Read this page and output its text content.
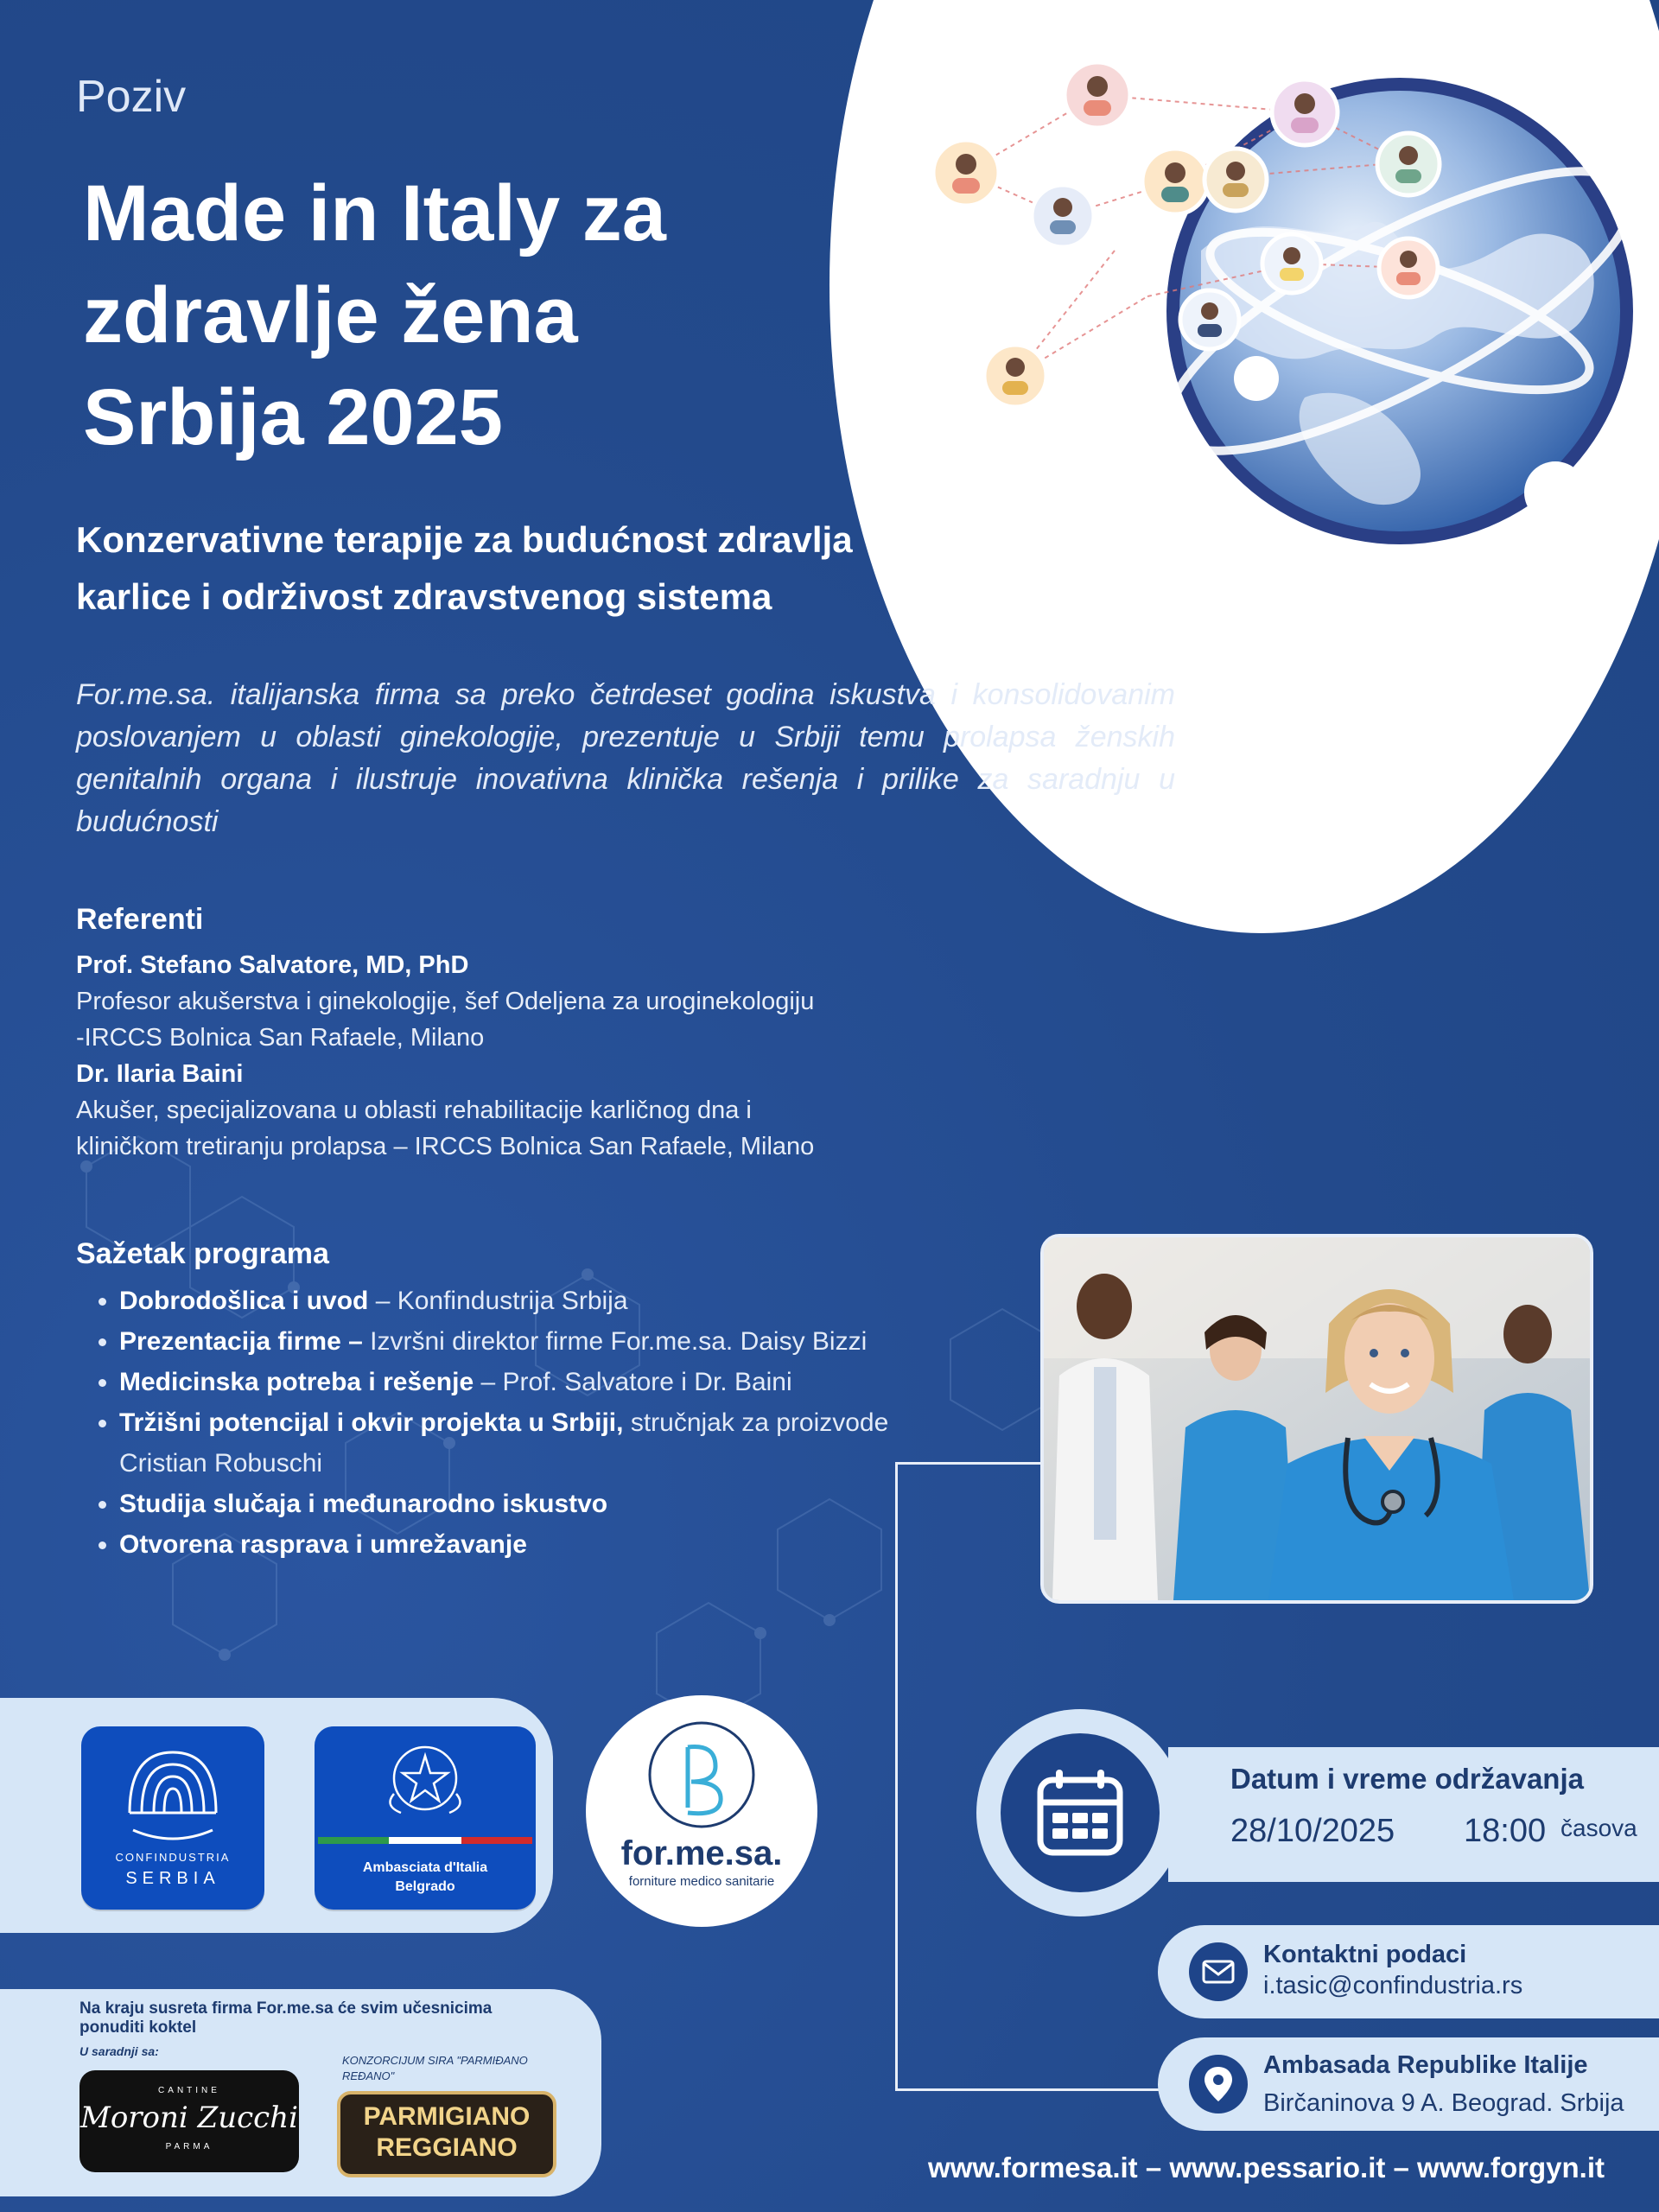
Poziv
Made in Italy za
zdravlje žena
Srbija 2025
Konzervativne terapije za budućnost zdravlja
karlice i održivost zdravstvenog sistema
For.me.sa. italijanska firma sa preko četrdeset godina iskustva i konsolidovanim poslovanjem u oblasti ginekologije, prezentuje u Srbiji temu prolapsa ženskih genitalnih organa i ilustruje inovativna klinička rešenja i prilike za saradnju u budućnosti
Referenti
Prof. Stefano Salvatore, MD, PhD
Profesor akušerstva i ginekologije, šef Odeljena za uroginekologiju
-IRCCS Bolnica San Rafaele, Milano
Dr. Ilaria Baini
Akušer, specijalizovana u oblasti rehabilitacije karličnog dna i
kliničkom tretiranju prolapsa – IRCCS Bolnica San Rafaele, Milano
Sažetak programa
• Dobrodošlica i uvod – Konfindustrija Srbija
• Prezentacija firme – Izvršni direktor firme For.me.sa. Daisy Bizzi
• Medicinska potreba i rešenje – Prof. Salvatore i Dr. Baini
• Tržišni potencijal i okvir projekta u Srbiji, stručnjak za proizvode Cristian Robuschi
• Studija slučaja i međunarodno iskustvo
• Otvorena rasprava i umrežavanje
CONFINDUSTRIA
SERBIA
Ambasciata d'Italia
Belgrado
for.me.sa.
forniture medico sanitarie
Datum i vreme održavanja
28/10/2025 18:00 časova
Kontaktni podaci
i.tasic@confindustria.rs
Ambasada Republike Italije
Birčaninova 9 A. Beograd. Srbija
Na kraju susreta firma For.me.sa će svim učesnicima ponuditi koktel
U saradnji sa:
KONZORCIJUM SIRA "PARMIĐANO REĐANO"
CANTINE
Moroni Zucchi
PARMA
PARMIGIANO
REGGIANO
www.formesa.it – www.pessario.it – www.forgyn.it
